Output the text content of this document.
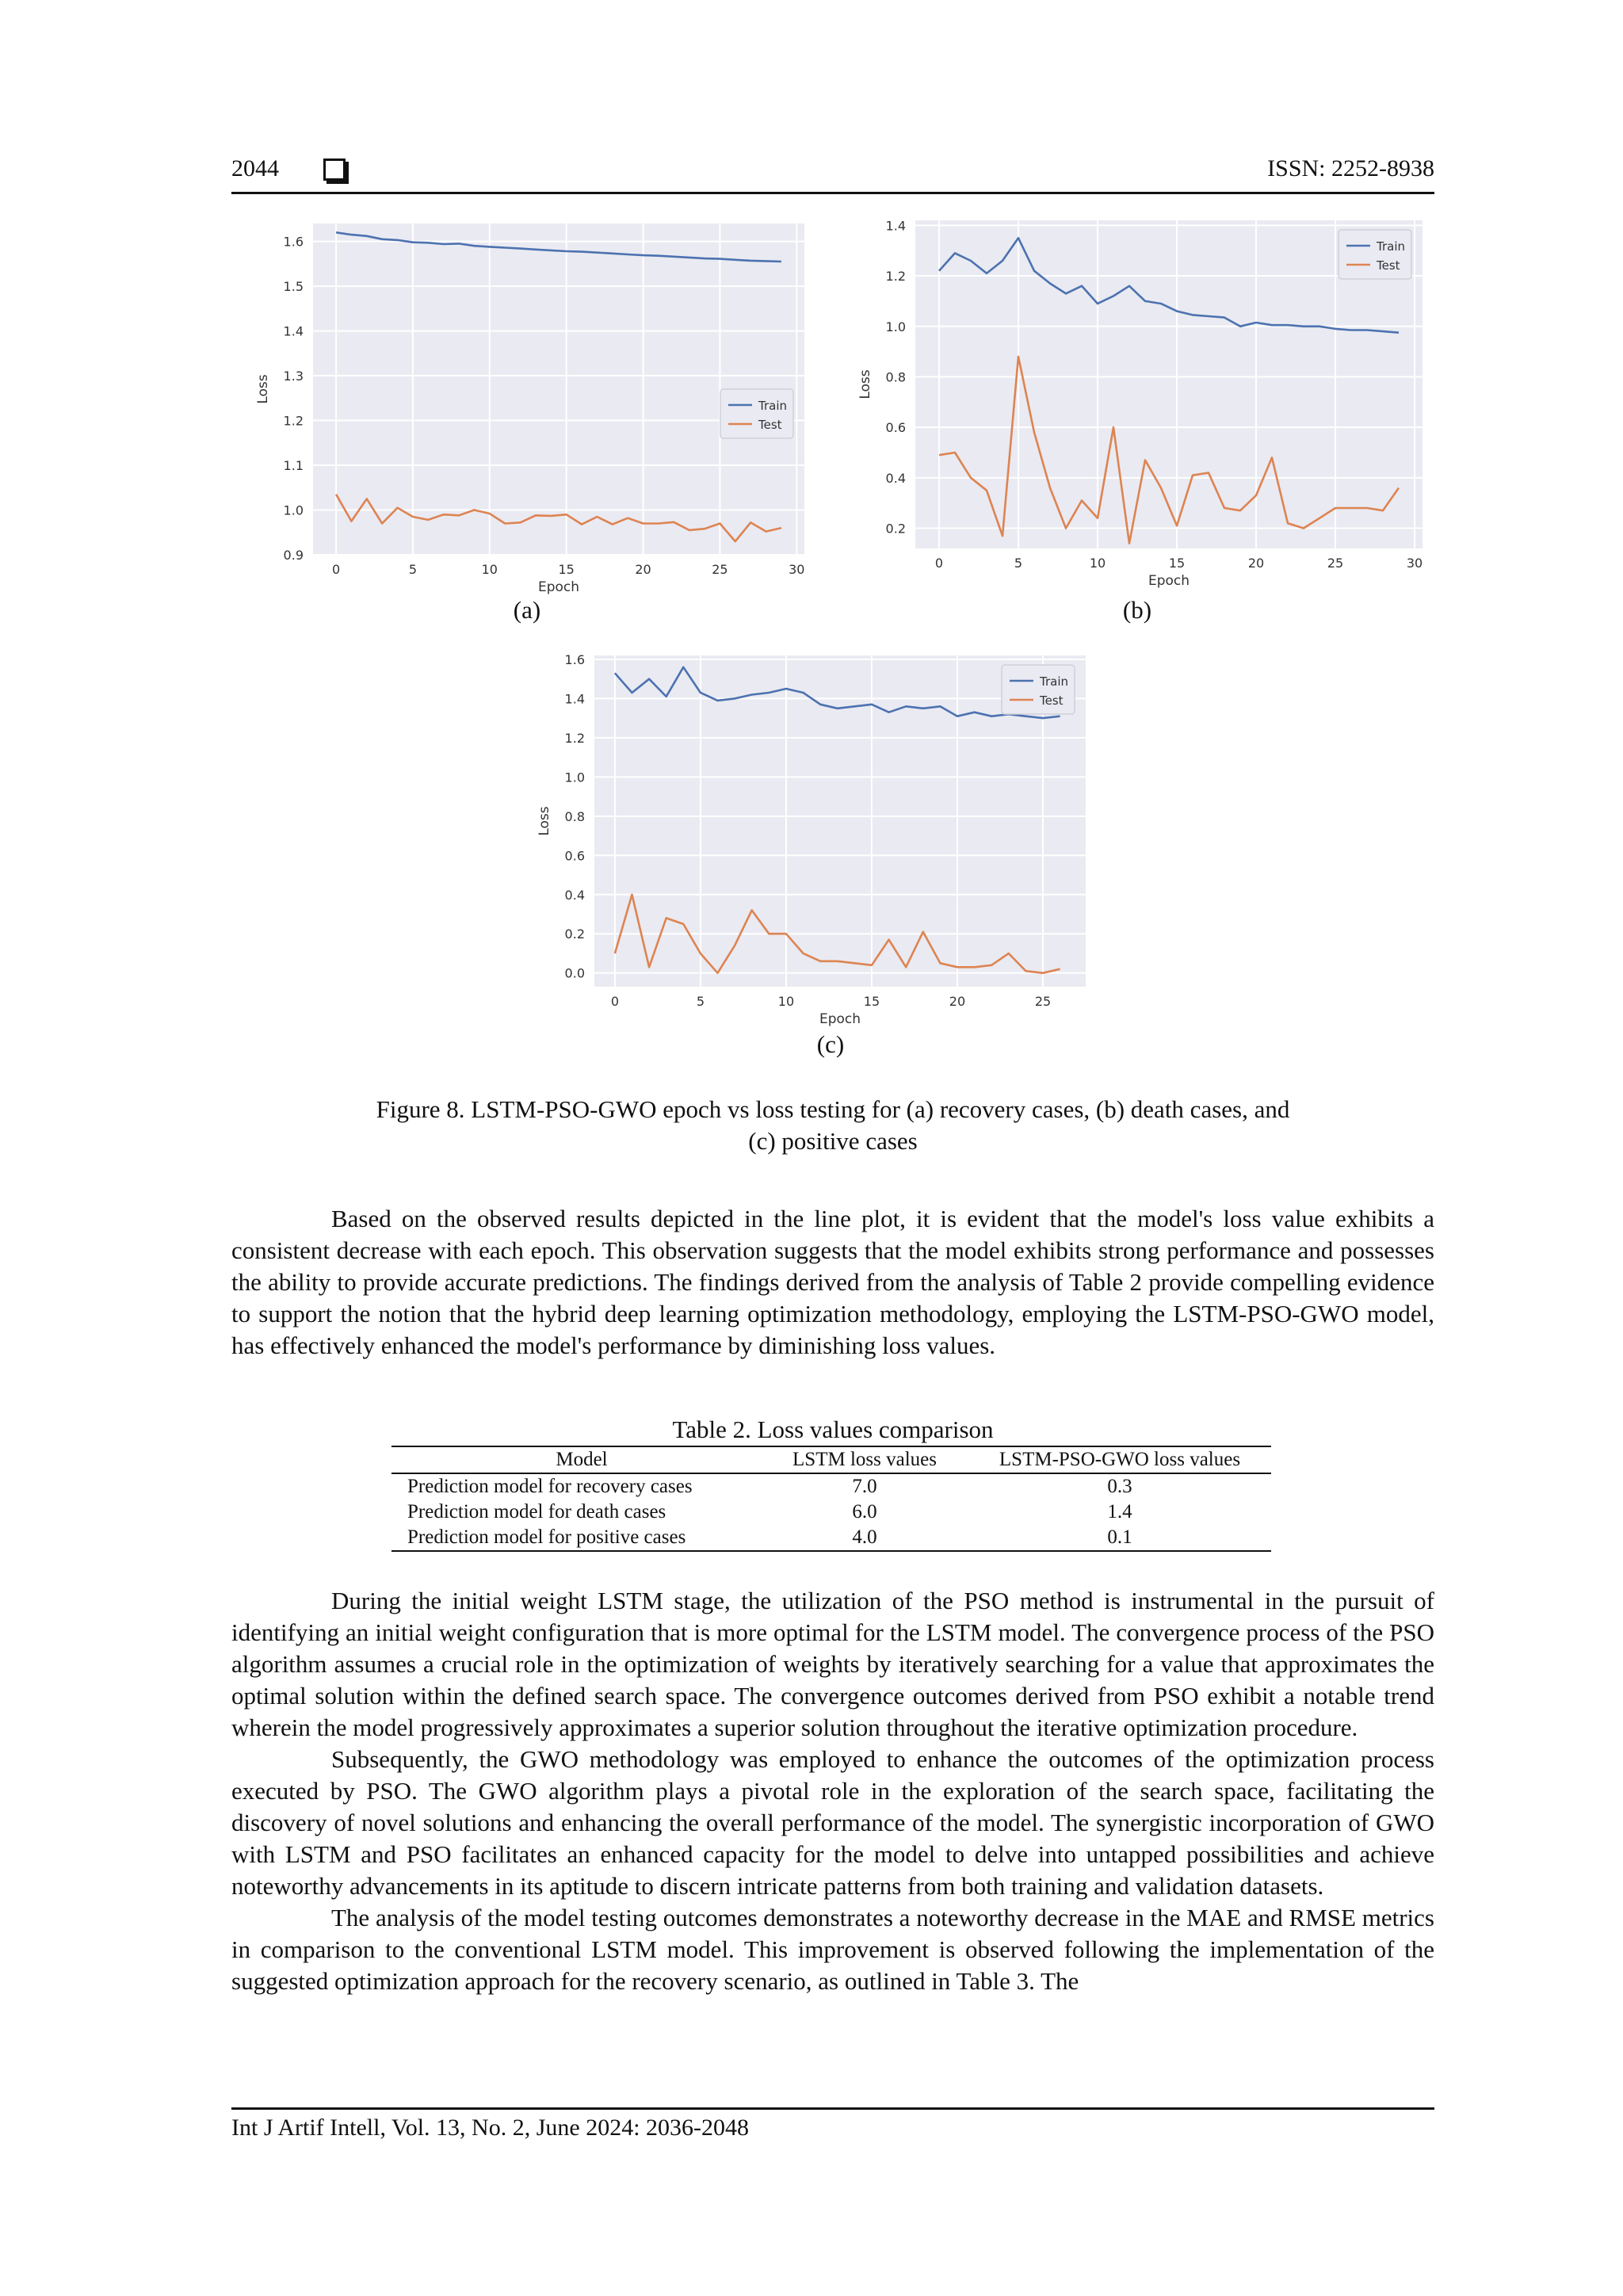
2044	ISSN: 2252-8938
0.9
1.0
1.1
1.2
1.3
1.4
1.5
1.6
0	5	10	15	20	25	30
Epoch
Loss
Train
Test
(a)
0.2
0.4
0.6
0.8
1.0
1.2
1.4
0	5	10	15	20	25	30
Epoch
Loss
Train
Test
(b)
0.0
0.2
0.4
0.6
0.8
1.0
1.2
1.4
1.6
0	5	10	15	20	25
Epoch
Loss
Train
Test
(c)
Figure 8. LSTM-PSO-GWO epoch vs loss testing for (a) recovery cases, (b) death cases, and
(c) positive cases

Based on the observed results depicted in the line plot, it is evident that the model's loss value exhibits a consistent decrease with each epoch. This observation suggests that the model exhibits strong performance and possesses the ability to provide accurate predictions. The findings derived from the analysis of Table 2 provide compelling evidence to support the notion that the hybrid deep learning optimization methodology, employing the LSTM-PSO-GWO model, has effectively enhanced the model's performance by diminishing loss values.

Table 2. Loss values comparison
Model	LSTM loss values	LSTM-PSO-GWO loss values
Prediction model for recovery cases	7.0	0.3
Prediction model for death cases	6.0	1.4
Prediction model for positive cases	4.0	0.1

During the initial weight LSTM stage, the utilization of the PSO method is instrumental in the pursuit of identifying an initial weight configuration that is more optimal for the LSTM model. The convergence process of the PSO algorithm assumes a crucial role in the optimization of weights by iteratively searching for a value that approximates the optimal solution within the defined search space. The convergence outcomes derived from PSO exhibit a notable trend wherein the model progressively approximates a superior solution throughout the iterative optimization procedure.

Subsequently, the GWO methodology was employed to enhance the outcomes of the optimization process executed by PSO. The GWO algorithm plays a pivotal role in the exploration of the search space, facilitating the discovery of novel solutions and enhancing the overall performance of the model. The synergistic incorporation of GWO with LSTM and PSO facilitates an enhanced capacity for the model to delve into untapped possibilities and achieve noteworthy advancements in its aptitude to discern intricate patterns from both training and validation datasets.

The analysis of the model testing outcomes demonstrates a noteworthy decrease in the MAE and RMSE metrics in comparison to the conventional LSTM model. This improvement is observed following the implementation of the suggested optimization approach for the recovery scenario, as outlined in Table 3. The

Int J Artif Intell, Vol. 13, No. 2, June 2024: 2036-2048
